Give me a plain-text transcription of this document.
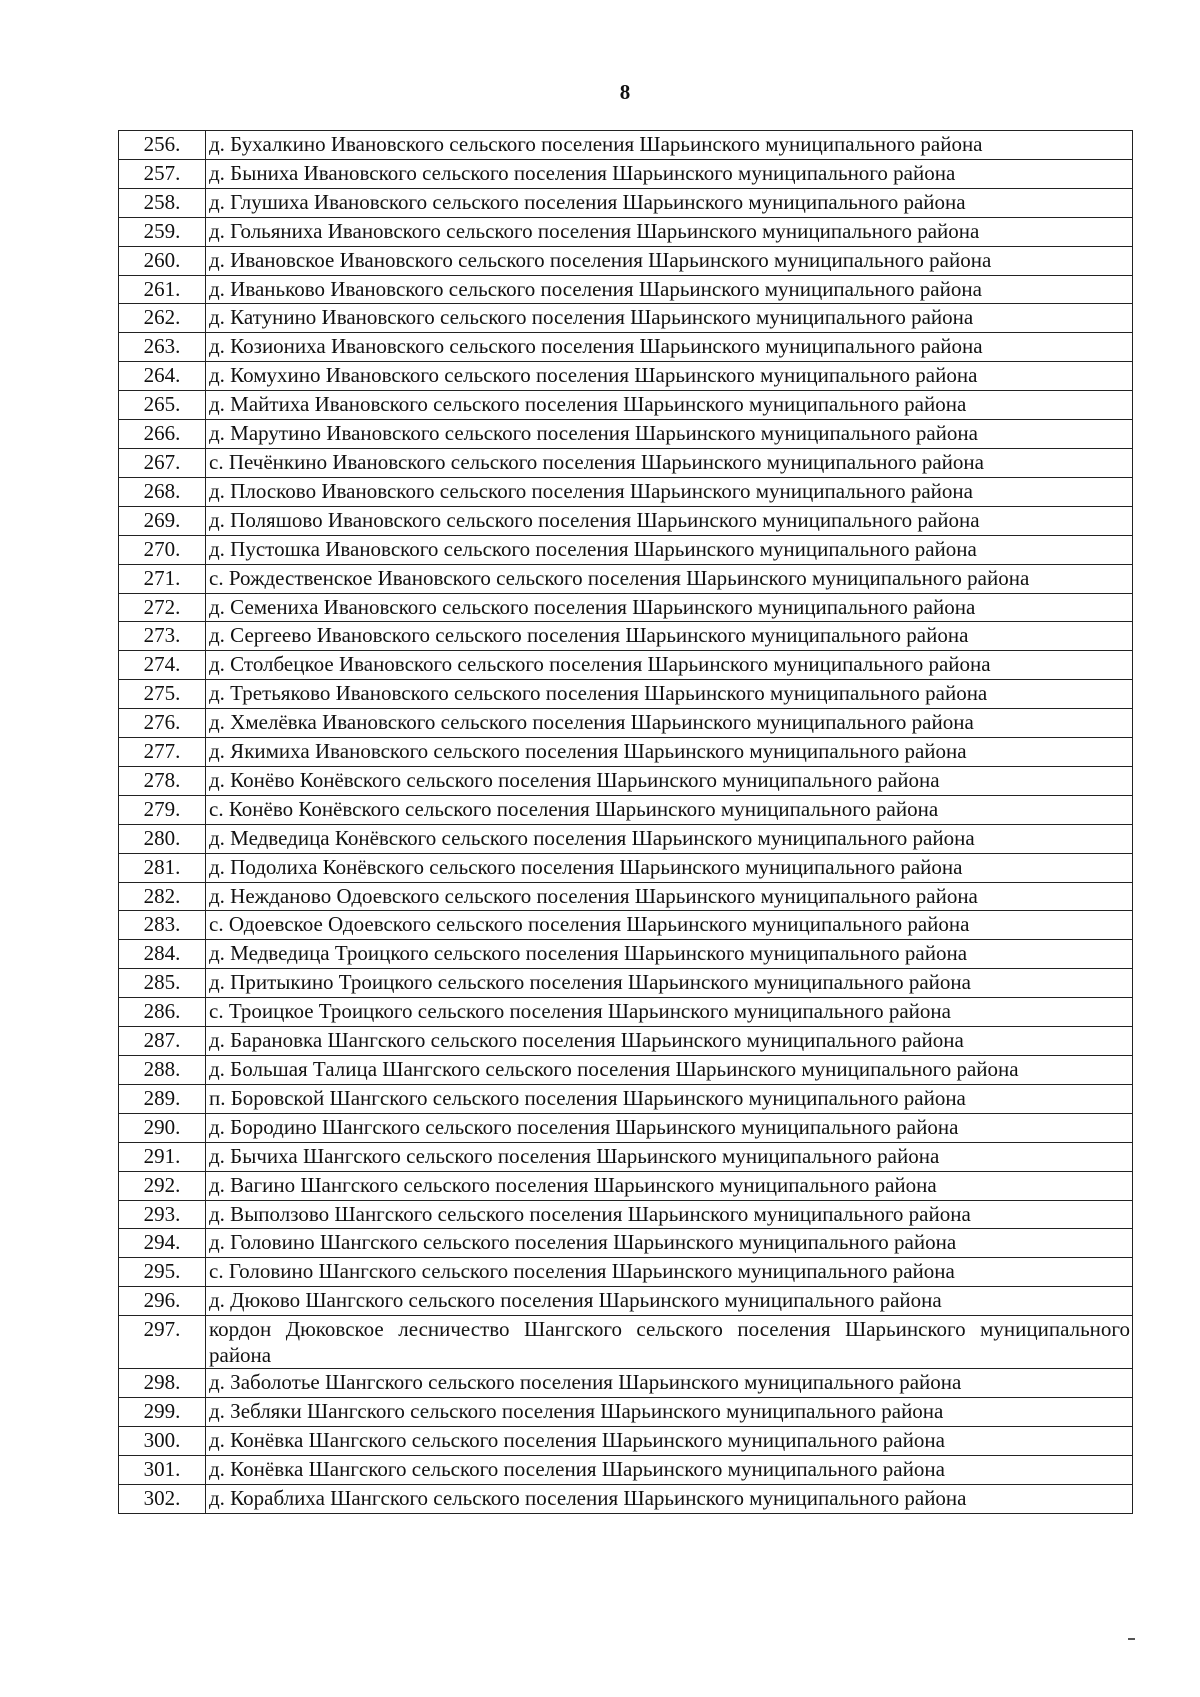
8
256.	д. Бухалкино Ивановского сельского поселения Шарьинского муниципального района
257.	д. Быниха Ивановского сельского поселения Шарьинского муниципального района
258.	д. Глушиха Ивановского сельского поселения Шарьинского муниципального района
259.	д. Гольяниха Ивановского сельского поселения Шарьинского муниципального района
260.	д. Ивановское Ивановского сельского поселения Шарьинского муниципального района
261.	д. Иваньково Ивановского сельского поселения Шарьинского муниципального района
262.	д. Катунино Ивановского сельского поселения Шарьинского муниципального района
263.	д. Козиониха Ивановского сельского поселения Шарьинского муниципального района
264.	д. Комухино Ивановского сельского поселения Шарьинского муниципального района
265.	д. Майтиха Ивановского сельского поселения Шарьинского муниципального района
266.	д. Марутино Ивановского сельского поселения Шарьинского муниципального района
267.	с. Печёнкино Ивановского сельского поселения Шарьинского муниципального района
268.	д. Плосково Ивановского сельского поселения Шарьинского муниципального района
269.	д. Поляшово Ивановского сельского поселения Шарьинского муниципального района
270.	д. Пустошка Ивановского сельского поселения Шарьинского муниципального района
271.	с. Рождественское Ивановского сельского поселения Шарьинского муниципального района
272.	д. Семениха Ивановского сельского поселения Шарьинского муниципального района
273.	д. Сергеево Ивановского сельского поселения Шарьинского муниципального района
274.	д. Столбецкое Ивановского сельского поселения Шарьинского муниципального района
275.	д. Третьяково Ивановского сельского поселения Шарьинского муниципального района
276.	д. Хмелёвка Ивановского сельского поселения Шарьинского муниципального района
277.	д. Якимиха Ивановского сельского поселения Шарьинского муниципального района
278.	д. Конёво Конёвского сельского поселения Шарьинского муниципального района
279.	с. Конёво Конёвского сельского поселения Шарьинского муниципального района
280.	д. Медведица Конёвского сельского поселения Шарьинского муниципального района
281.	д. Подолиха Конёвского сельского поселения Шарьинского муниципального района
282.	д. Нежданово Одоевского сельского поселения Шарьинского муниципального района
283.	с. Одоевское Одоевского сельского поселения Шарьинского муниципального района
284.	д. Медведица Троицкого сельского поселения Шарьинского муниципального района
285.	д. Притыкино Троицкого сельского поселения Шарьинского муниципального района
286.	с. Троицкое Троицкого сельского поселения Шарьинского муниципального района
287.	д. Барановка Шангского сельского поселения Шарьинского муниципального района
288.	д. Большая Талица Шангского сельского поселения Шарьинского муниципального района
289.	п. Боровской Шангского сельского поселения Шарьинского муниципального района
290.	д. Бородино Шангского сельского поселения Шарьинского муниципального района
291.	д. Бычиха Шангского сельского поселения Шарьинского муниципального района
292.	д. Вагино Шангского сельского поселения Шарьинского муниципального района
293.	д. Выползово Шангского сельского поселения Шарьинского муниципального района
294.	д. Головино Шангского сельского поселения Шарьинского муниципального района
295.	с. Головино Шангского сельского поселения Шарьинского муниципального района
296.	д. Дюково Шангского сельского поселения Шарьинского муниципального района
297.	кордон Дюковское лесничество Шангского сельского поселения Шарьинского муниципального района
298.	д. Заболотье Шангского сельского поселения Шарьинского муниципального района
299.	д. Зебляки Шангского сельского поселения Шарьинского муниципального района
300.	д. Конёвка Шангского сельского поселения Шарьинского муниципального района
301.	д. Конёвка Шангского сельского поселения Шарьинского муниципального района
302.	д. Кораблиха Шангского сельского поселения Шарьинского муниципального района
